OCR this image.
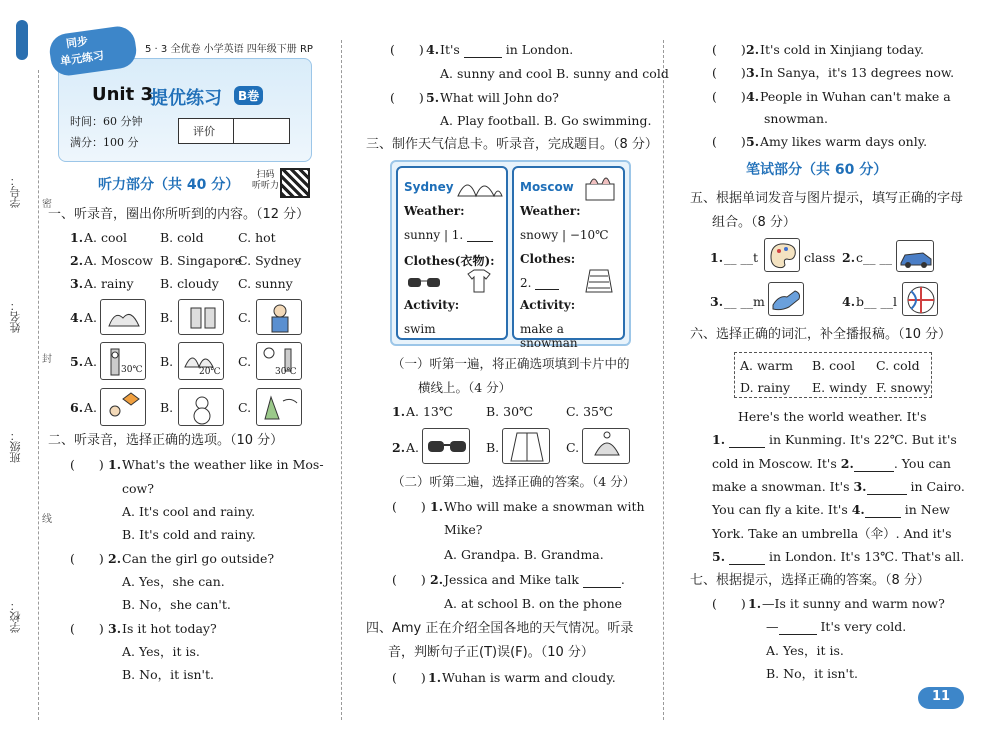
学号：
姓名：
班级：
学校：
密
封
线
同步
单元练习	5 · 3 全优卷 小学英语 四年级下册 RP
Unit 3
提优练习	B卷
时间：60 分钟
满分：100 分
评价
听力部分（共 40 分）
扫码
听听力
一、听录音，圈出你所听到的内容。（12 分）
1. A. cool	B. cold	C. hot
2. A. Moscow B. Singapore
C. Sydney
3. A. rainy B. cloudy C. sunny
4. A.	B.	C.
5. A.
30℃
B.
20℃
C.
30℃
6. A.	B.	C.
二、听录音，选择正确的选项。（10 分）
( ) 1. What's the weather like in Mos-
cow?
A. It's cool and rainy.
B. It's cold and rainy.
( ) 2. Can the girl go outside?
A. Yes，she can.
B. No，she can't.
( ) 3. Is it hot today?
A. Yes，it is.
B. No，it isn't.
( ) 4. It's	in London.
A. sunny and cool B. sunny and cold
( ) 5. What will John do?
A. Play football. B. Go swimming.
三、制作天气信息卡。听录音，完成题目。（8 分）
Sydney
Weather:
sunny | 1.
Clothes(衣物):
Activity:
swim
Moscow
Weather:
snowy | −10℃
Clothes:
2.
Activity:
make a snowman
（一）听第一遍，将正确选项填到卡片中的
横线上。（4 分）
1. A. 13℃	B. 30℃	C. 35℃
2. A.	B.	C.
（二）听第二遍，选择正确的答案。（4 分）
( ) 1. Who will make a snowman with
Mike?
A. Grandpa. B. Grandma.
( ) 2. Jessica and Mike talk	.
A. at school B. on the phone
四、Amy 正在介绍全国各地的天气情况。听录
音，判断句子正(T)误(F)。（10 分）
( ) 1. Wuhan is warm and cloudy.
( ) 2. It's cold in Xinjiang today.
( ) 3. In Sanya，it's 13 degrees now.
( ) 4. People in Wuhan can't make a
snowman.
( ) 5. Amy likes warm days only.
笔试部分（共 60 分）
五、根据单词发音与图片提示，填写正确的字母
组合。（8 分）
1. __ __t	class 2. c__ __
3. __ __m	4. b__ __l
六、选择正确的词汇，补全播报稿。（10 分）
A. warm B. cool C. cold
D. rainy E. windy F. snowy
Here's the world weather. It's
1.	in Kunming. It's 22℃. But it's
cold in Moscow. It's 2.	. You can
make a snowman. It's 3.	in Cairo.
You can fly a kite. It's 4.	in New
York. Take an umbrella（伞）. And it's
5.	in London. It's 13℃. That's all.
七、根据提示，选择正确的答案。（8 分）
( ) 1. —Is it sunny and warm now?
—	It's very cold.
A. Yes，it is.
B. No，it isn't.
11
